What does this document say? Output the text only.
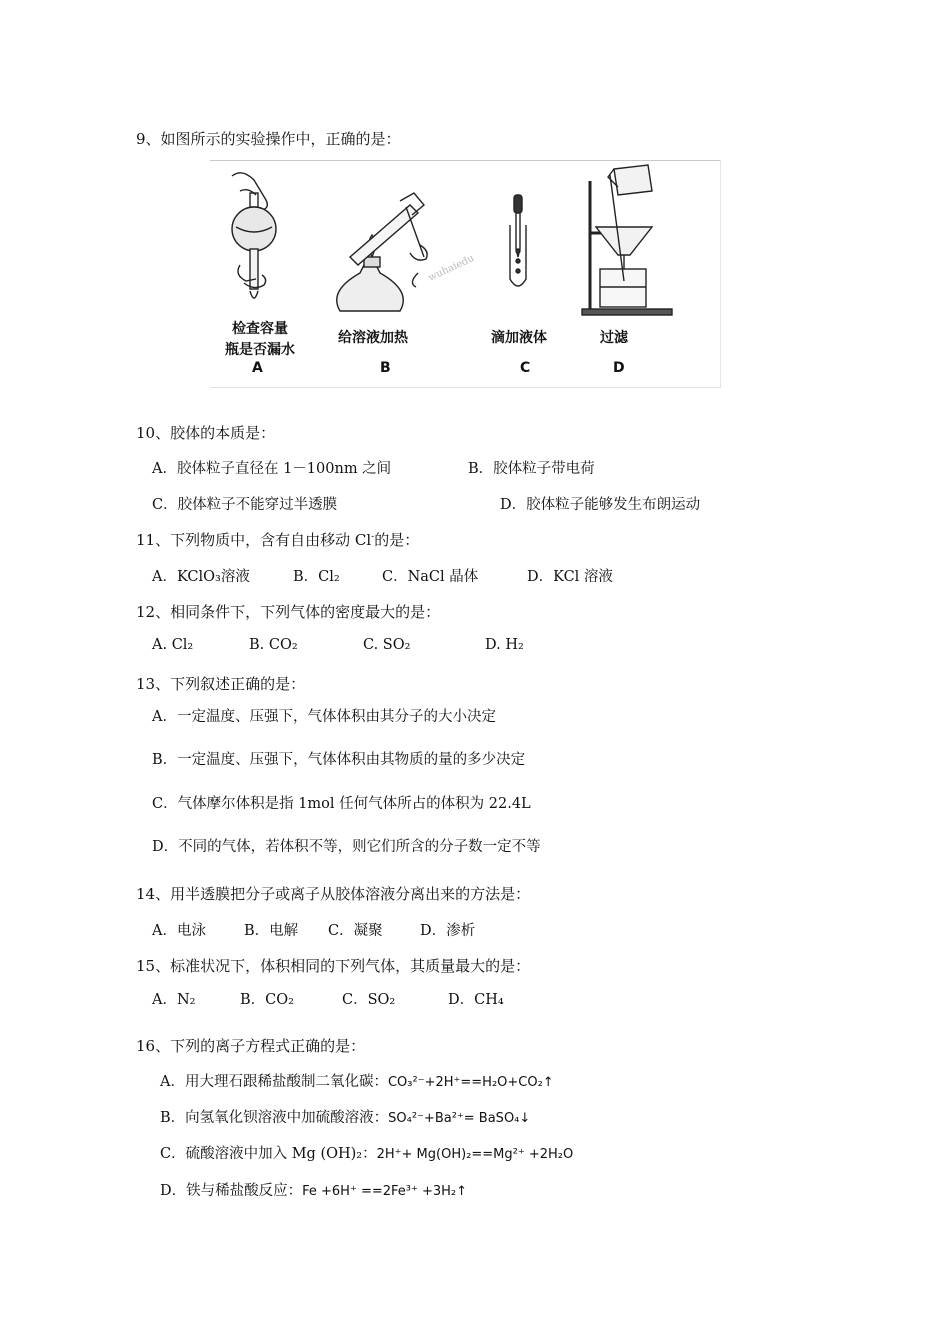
9、如图所示的实验操作中，正确的是：
wuhaiedu
检查容量
瓶是否漏水
A
给溶液加热
B
滴加液体
C
过滤
D
10、胶体的本质是：
A．胶体粒子直径在 1－100nm 之间	B．胶体粒子带电荷
C．胶体粒子不能穿过半透膜	D．胶体粒子能够发生布朗运动
11、下列物质中，含有自由移动 Cl-的是：
A．KClO₃溶液	B．Cl₂	C．NaCl 晶体	D．KCl 溶液
12、相同条件下，下列气体的密度最大的是：
A. Cl₂	B. CO₂	C. SO₂	D. H₂
13、下列叙述正确的是：
A．一定温度、压强下，气体体积由其分子的大小决定
B．一定温度、压强下，气体体积由其物质的量的多少决定
C．气体摩尔体积是指 1mol 任何气体所占的体积为 22.4L
D．不同的气体，若体积不等，则它们所含的分子数一定不等
14、用半透膜把分子或离子从胶体溶液分离出来的方法是：
A．电泳	B．电解 C．凝聚	D．渗析
15、标准状况下，体积相同的下列气体，其质量最大的是：
A．N₂	B．CO₂	C．SO₂	D．CH₄
16、下列的离子方程式正确的是：
A．用大理石跟稀盐酸制二氧化碳：CO₃²⁻+2H⁺==H₂O+CO₂↑
B．向氢氧化钡溶液中加硫酸溶液：SO₄²⁻+Ba²⁺= BaSO₄↓
C．硫酸溶液中加入 Mg (OH)₂：2H⁺+ Mg(OH)₂==Mg²⁺ +2H₂O
D．铁与稀盐酸反应：Fe +6H⁺ ==2Fe³⁺ +3H₂↑
